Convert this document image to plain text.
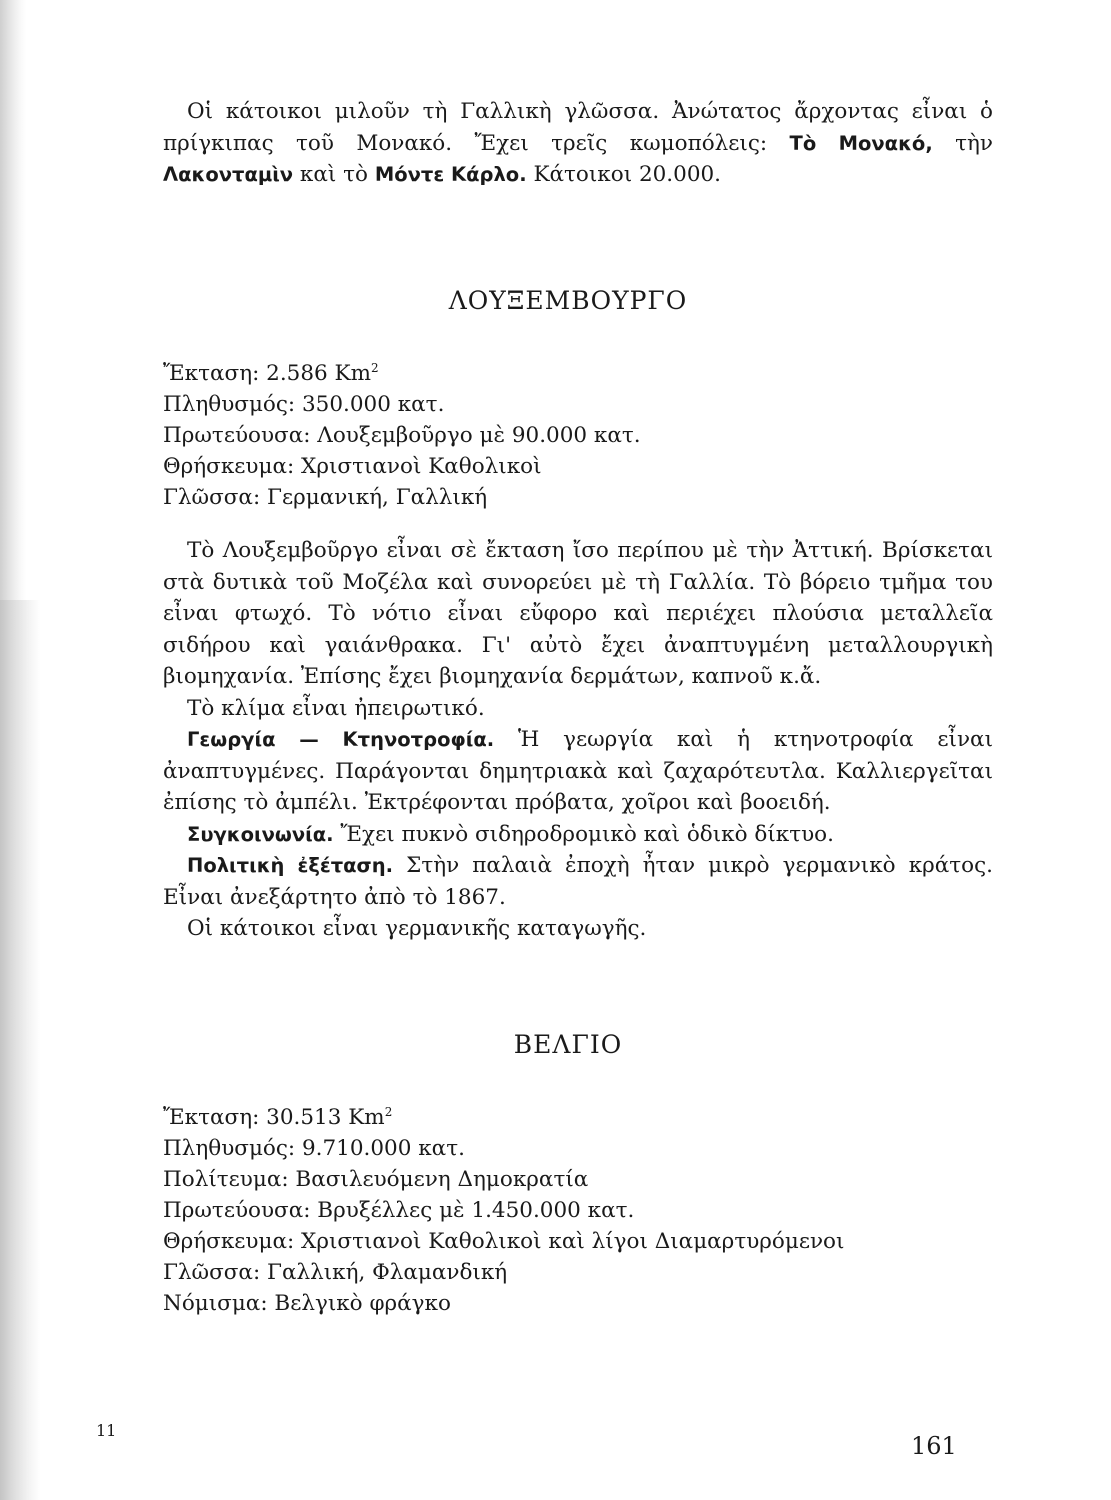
Οἱ κάτοικοι μιλοῦν τὴ Γαλλικὴ γλῶσσα. Ἀνώτατος ἄρχοντας εἶναι ὁ πρίγκιπας τοῦ Μονακό. Ἔχει τρεῖς κωμοπόλεις: Τὸ Μονακό, τὴν Λακονταμὶν καὶ τὸ Μόντε Κάρλο. Κάτοικοι 20.000.

ΛΟΥΞΕΜΒΟΥΡΓΟ
Ἔκταση: 2.586 Km$^2$
Πληθυσμός: 350.000 κατ.
Πρωτεύουσα: Λουξεμβοῦργο μὲ 90.000 κατ.
Θρήσκευμα: Χριστιανοὶ Καθολικοὶ
Γλῶσσα: Γερμανική, Γαλλική

Τὸ Λουξεμβοῦργο εἶναι σὲ ἔκταση ἴσο περίπου μὲ τὴν Ἀττική. Βρίσκεται στὰ δυτικὰ τοῦ Μοζέλα καὶ συνορεύει μὲ τὴ Γαλλία. Τὸ βόρειο τμῆμα του εἶναι φτωχό. Τὸ νότιο εἶναι εὔφορο καὶ περιέχει πλούσια μεταλλεῖα σιδήρου καὶ γαιάνθρακα. Γι' αὐτὸ ἔχει ἀναπτυγμένη μεταλλουργικὴ βιομηχανία. Ἐπίσης ἔχει βιομηχανία δερμάτων, καπνοῦ κ.ἄ.

Τὸ κλίμα εἶναι ἠπειρωτικό.

Γεωργία — Κτηνοτροφία. Ἡ γεωργία καὶ ἡ κτηνοτροφία εἶναι ἀναπτυγμένες. Παράγονται δημητριακὰ καὶ ζαχαρότευτλα. Καλλιεργεῖται ἐπίσης τὸ ἀμπέλι. Ἐκτρέφονται πρόβατα, χοῖροι καὶ βοοειδή.

Συγκοινωνία. Ἔχει πυκνὸ σιδηροδρομικὸ καὶ ὁδικὸ δίκτυο.

Πολιτικὴ ἐξέταση. Στὴν παλαιὰ ἐποχὴ ἦταν μικρὸ γερμανικὸ κράτος. Εἶναι ἀνεξάρτητο ἀπὸ τὸ 1867.

Οἱ κάτοικοι εἶναι γερμανικῆς καταγωγῆς.

ΒΕΛΓΙΟ
Ἔκταση: 30.513 Km$^2$
Πληθυσμός: 9.710.000 κατ.
Πολίτευμα: Βασιλευόμενη Δημοκρατία
Πρωτεύουσα: Βρυξέλλες μὲ 1.450.000 κατ.
Θρήσκευμα: Χριστιανοὶ Καθολικοὶ καὶ λίγοι Διαμαρτυρόμενοι
Γλῶσσα: Γαλλική, Φλαμανδική
Νόμισμα: Βελγικὸ φράγκο
11
161
